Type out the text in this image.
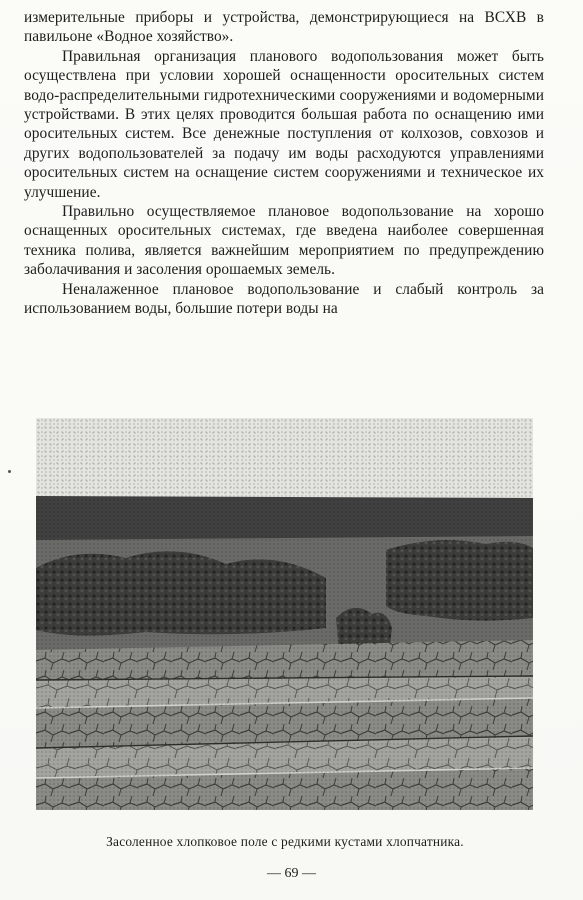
измерительные приборы и устройства, демонстрирующиеся на ВСХВ в павильоне «Водное хозяйство».

Правильная организация планового водопользования может быть осуществлена при условии хорошей оснащенности оросительных систем водо-распределительными гидротехническими сооружениями и водомерными устройствами. В этих целях проводится большая работа по оснащению ими оросительных систем. Все денежные поступления от колхозов, совхозов и других водопользователей за подачу им воды расходуются управлениями оросительных систем на оснащение систем сооружениями и техническое их улучшение.

Правильно осуществляемое плановое водопользование на хорошо оснащенных оросительных системах, где введена наиболее совершенная техника полива, является важнейшим мероприятием по предупреждению заболачивания и засоления орошаемых земель.

Неналаженное плановое водопользование и слабый контроль за использованием воды, большие потери воды на

Засоленное хлопковое поле с редкими кустами хлопчатника.
— 69 —
